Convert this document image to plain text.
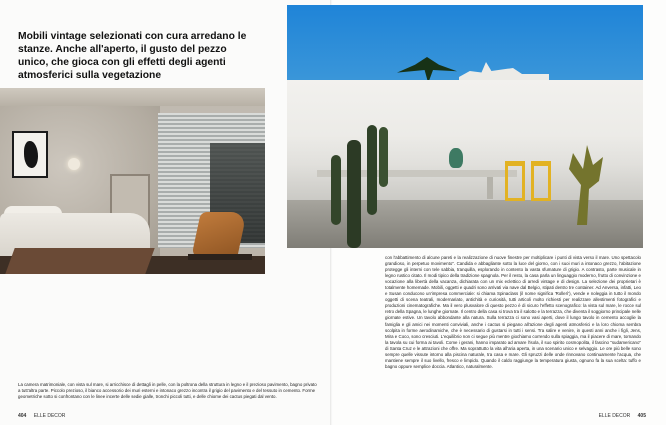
Mobili vintage selezionati con cura arredano le stanze. Anche all'aperto, il gusto del pezzo unico, che gioca con gli effetti degli agenti atmosferici sulla vegetazione

La camera matrimoniale, con vista sul mare, si arricchisce di dettagli in pelle, con la poltrona della struttura in legno e il prezioso pavimento, bagno privato a tutt'altra parte. Piccolo prezioso, il bianco accessorio dei muri esterni e intonaco grezzo incontra il grigio del pavimento e del tessuto in cemento. Forme geometriche sotto si confrontano con le linee incerte delle sedie gialle, tronchi piccoli tutti, e delle chiome dei cactus piegati dal vento.

404 ELLE DECOR

con l'abbattimento di alcune pareti e la realizzazione di nuove finestre per moltiplicare i punti di vista verso il mare. Uno spettacolo grandioso, in perpetuo movimento". Candida e abbagliante sotto la luce del giorno, con i suoi muri a intonaco grezzo, l'abitazione protegge gli interni con tele sabbia, tranquilla, esplorando in contento la vasta sfumature di grigio. A contrasto, parte musicale in legno rustico citato. Il modi tipico della tradizione spagnola. Per il resto, la casa parla un linguaggio moderno, frutto di convinzione e vocazione alla libertà della vacanza, dichiarata con un mix eclettico di arredi vintage e di design. La selezione dei proprietari è totalmente homemade. Mobili, oggetti e quadri sono arrivati via nave dal Belgio, stipati dentro tre container. Ad Anversa, infatti, Leo e Susan conducono un'impresa commerciale: si chiama Spinaclass (il nome significa 'Rollerì'), vende e noleggia in tutto il mondo oggetti di scena teatrali, modernariato, antichità e curiosità, tutti articoli molto richiesti per realizzare allestimenti fotografici e produzioni cinematografiche. Ma il vero plusvalore di questo pezzo è di sicuro l'effetto scenografico: la vista sul mare, le rocce sul retro della Spagna, le lunghe giornate. Il centro della casa si trova tra il salotto e la terrazza, che diventa il soggiorno principale nelle giornate estive. Un tavolo abbondante alla natura. Sulla terrazza ci sono vasi aperti, dove il lungo tavolo in cemento accoglie la famiglia e gli amici nei momenti conviviali, anche i cactus si piegano all'azione degli agenti atmosferici e la loro chioma sembra scolpita in forme aerodinamiche, che è necessario di gustarsi in tutti i sensi. Tra salire e venire, in questi anni anche i figli, Jens, Mira e Coco, sono cresciuti. L'equilibrio non ci segue più mentre giochiamo correndo sulla spiaggia, ma il piacere di mare, tornando la tavola su cui forma ai tavoli. Come i gerani, hanno imparato ad amare l'isola, il suo spirito cosmopolita, il fascino "sudamericano" di Santa Cruz e le attrazioni che offre. Ma soprattutto la vita all'aria aperta, in una scenario unico e selvaggio. Le ore più belle sono sempre quelle vissute intorno alla piscina naturale, tra casa e mare. Gli spruzzi delle onde rinnovano continuamente l'acqua, che mantiene sempre il suo livello, fresco e limpido. Quando il caldo raggiunge la temperatura giusta, ognuno fa la sua scelta: tuffo e bagno oppure semplice doccia. Atlantico, naturalmente.

ELLE DECOR 405
